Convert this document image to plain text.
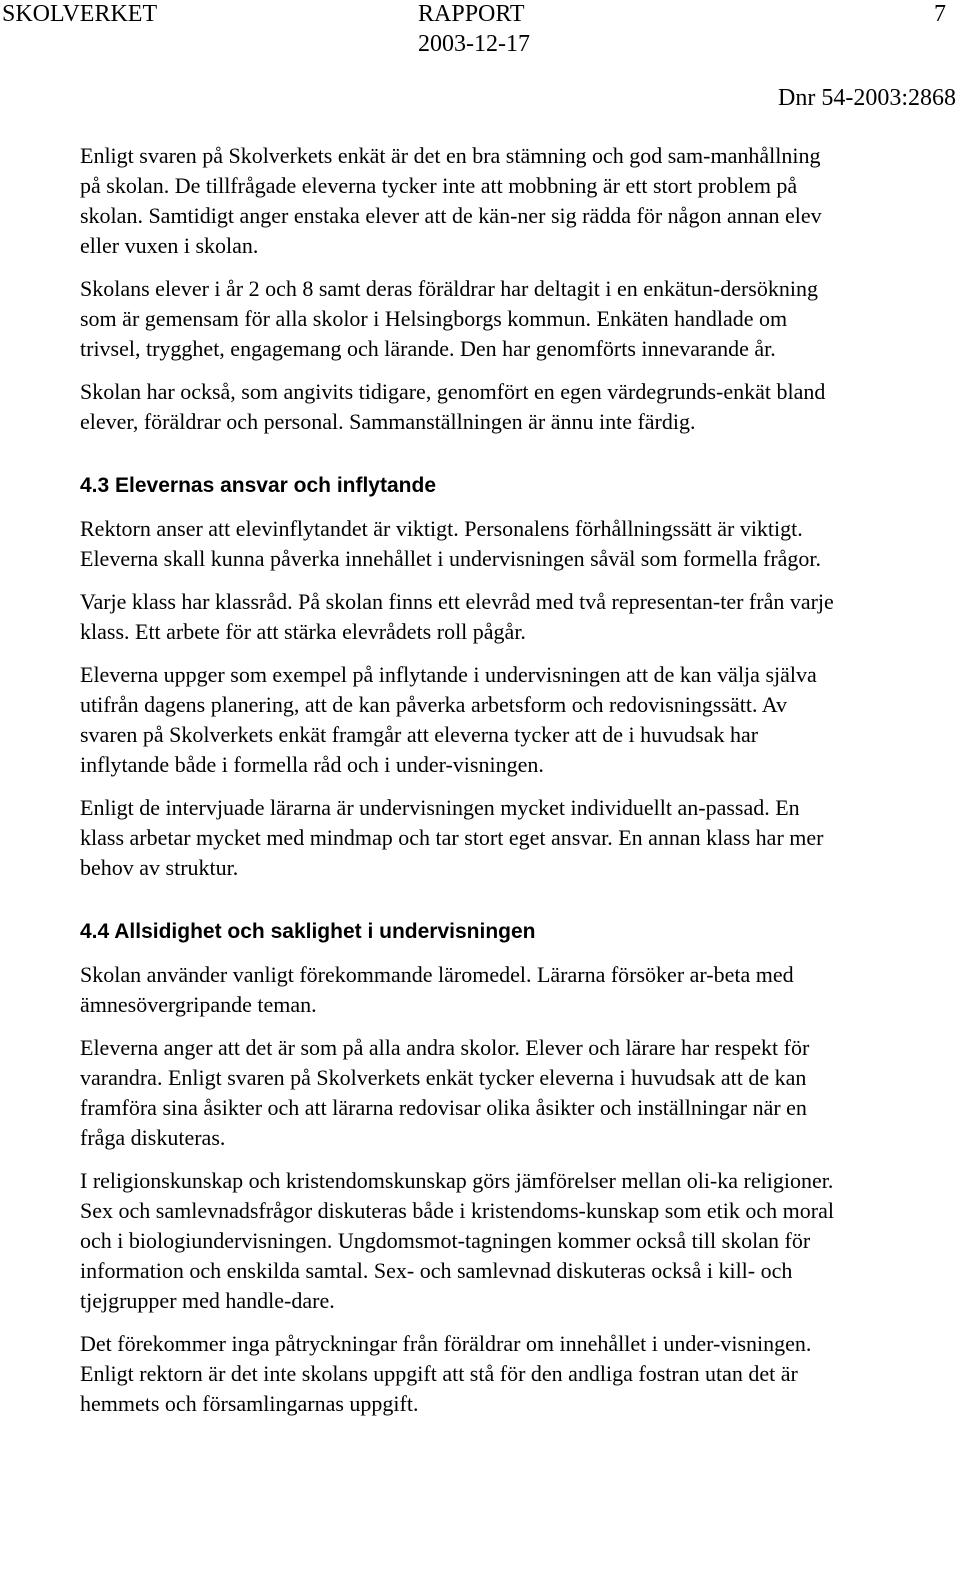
SKOLVERKET	RAPPORT
2003-12-17
7
Dnr 54-2003:2868

Enligt svaren på Skolverkets enkät är det en bra stämning och god sam-manhållning på skolan. De tillfrågade eleverna tycker inte att mobbning är ett stort problem på skolan. Samtidigt anger enstaka elever att de kän-ner sig rädda för någon annan elev eller vuxen i skolan.

Skolans elever i år 2 och 8 samt deras föräldrar har deltagit i en enkätun-dersökning som är gemensam för alla skolor i Helsingborgs kommun. Enkäten handlade om trivsel, trygghet, engagemang och lärande. Den har genomförts innevarande år.

Skolan har också, som angivits tidigare, genomfört en egen värdegrunds-enkät bland elever, föräldrar och personal. Sammanställningen är ännu inte färdig.

4.3 Elevernas ansvar och inflytande

Rektorn anser att elevinflytandet är viktigt. Personalens förhållningssätt är viktigt. Eleverna skall kunna påverka innehållet i undervisningen såväl som formella frågor.

Varje klass har klassråd. På skolan finns ett elevråd med två representan-ter från varje klass. Ett arbete för att stärka elevrådets roll pågår.

Eleverna uppger som exempel på inflytande i undervisningen att de kan välja själva utifrån dagens planering, att de kan påverka arbetsform och redovisningssätt. Av svaren på Skolverkets enkät framgår att eleverna tycker att de i huvudsak har inflytande både i formella råd och i under-visningen.

Enligt de intervjuade lärarna är undervisningen mycket individuellt an-passad. En klass arbetar mycket med mindmap och tar stort eget ansvar. En annan klass har mer behov av struktur.

4.4 Allsidighet och saklighet i undervisningen

Skolan använder vanligt förekommande läromedel. Lärarna försöker ar-beta med ämnesövergripande teman.

Eleverna anger att det är som på alla andra skolor. Elever och lärare har respekt för varandra. Enligt svaren på Skolverkets enkät tycker eleverna i huvudsak att de kan framföra sina åsikter och att lärarna redovisar olika åsikter och inställningar när en fråga diskuteras.

I religionskunskap och kristendomskunskap görs jämförelser mellan oli-ka religioner. Sex och samlevnadsfrågor diskuteras både i kristendoms-kunskap som etik och moral och i biologiundervisningen. Ungdomsmot-tagningen kommer också till skolan för information och enskilda samtal. Sex- och samlevnad diskuteras också i kill- och tjejgrupper med handle-dare.

Det förekommer inga påtryckningar från föräldrar om innehållet i under-visningen. Enligt rektorn är det inte skolans uppgift att stå för den andliga fostran utan det är hemmets och församlingarnas uppgift.
